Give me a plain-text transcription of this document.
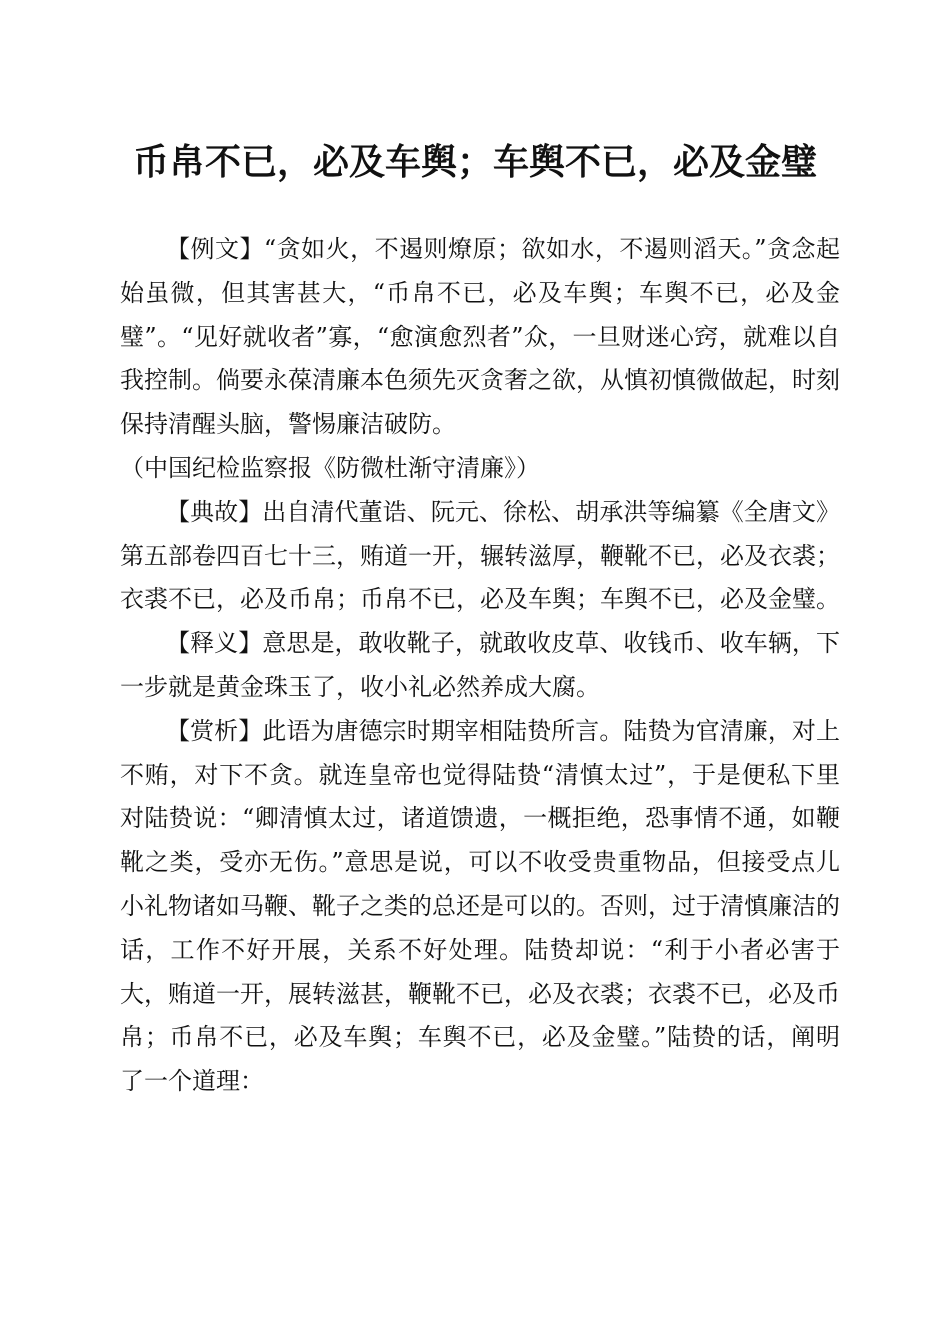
币帛不已，必及车舆；车舆不已，必及金璧

【例文】“贪如火，不遏则燎原；欲如水，不遏则滔天。”贪念起始虽微，但其害甚大，“币帛不已，必及车舆；车舆不已，必及金璧”。“见好就收者”寡，“愈演愈烈者”众，一旦财迷心窍，就难以自我控制。倘要永葆清廉本色须先灭贪奢之欲，从慎初慎微做起，时刻保持清醒头脑，警惕廉洁破防。

（中国纪检监察报《防微杜渐守清廉》）

【典故】出自清代董诰、阮元、徐松、胡承洪等编纂《全唐文》第五部卷四百七十三，贿道一开，辗转滋厚，鞭靴不已，必及衣裘；衣裘不已，必及币帛；币帛不已，必及车舆；车舆不已，必及金璧。

【释义】意思是，敢收靴子，就敢收皮草、收钱币、收车辆，下一步就是黄金珠玉了，收小礼必然养成大腐。

【赏析】此语为唐德宗时期宰相陆贽所言。陆贽为官清廉，对上不贿，对下不贪。就连皇帝也觉得陆贽“清慎太过”，于是便私下里对陆贽说：“卿清慎太过，诸道馈遗，一概拒绝，恐事情不通，如鞭靴之类，受亦无伤。”意思是说，可以不收受贵重物品，但接受点儿小礼物诸如马鞭、靴子之类的总还是可以的。否则，过于清慎廉洁的话，工作不好开展，关系不好处理。陆贽却说：“利于小者必害于大，贿道一开，展转滋甚，鞭靴不已，必及衣裘；衣裘不已，必及币帛；币帛不已，必及车舆；车舆不已，必及金璧。”陆贽的话，阐明了一个道理：
